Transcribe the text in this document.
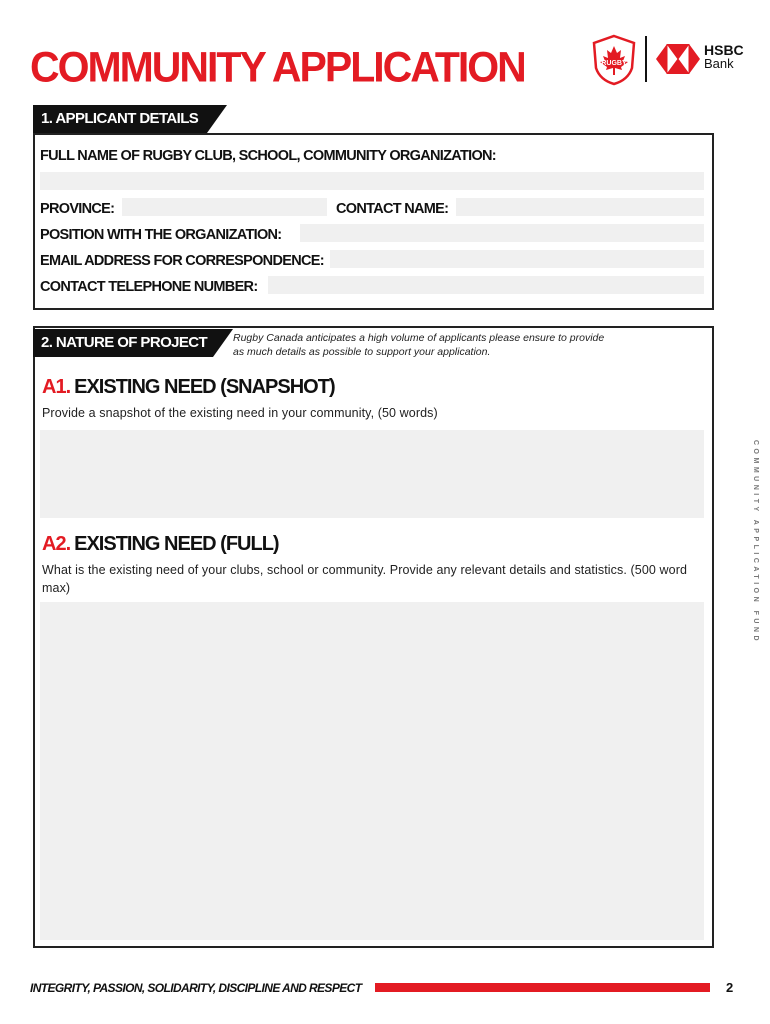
COMMUNITY APPLICATION	RUGBY
HSBC
Bank
1. APPLICANT DETAILS
FULL NAME OF RUGBY CLUB, SCHOOL, COMMUNITY ORGANIZATION:
PROVINCE:	CONTACT NAME:
POSITION WITH THE ORGANIZATION:
EMAIL ADDRESS FOR CORRESPONDENCE:
CONTACT TELEPHONE NUMBER:
2. NATURE OF PROJECT	Rugby Canada anticipates a high volume of applicants please ensure to provide as much details as possible to support your application.
A1. EXISTING NEED (SNAPSHOT)
Provide a snapshot of the existing need in your community, (50 words)
A2. EXISTING NEED (FULL)
What is the existing need of your clubs, school or community. Provide any relevant details and statistics. (500 word max)	COMMUNITY APPLICATION FUND
INTEGRITY, PASSION, SOLIDARITY, DISCIPLINE AND RESPECT	2
